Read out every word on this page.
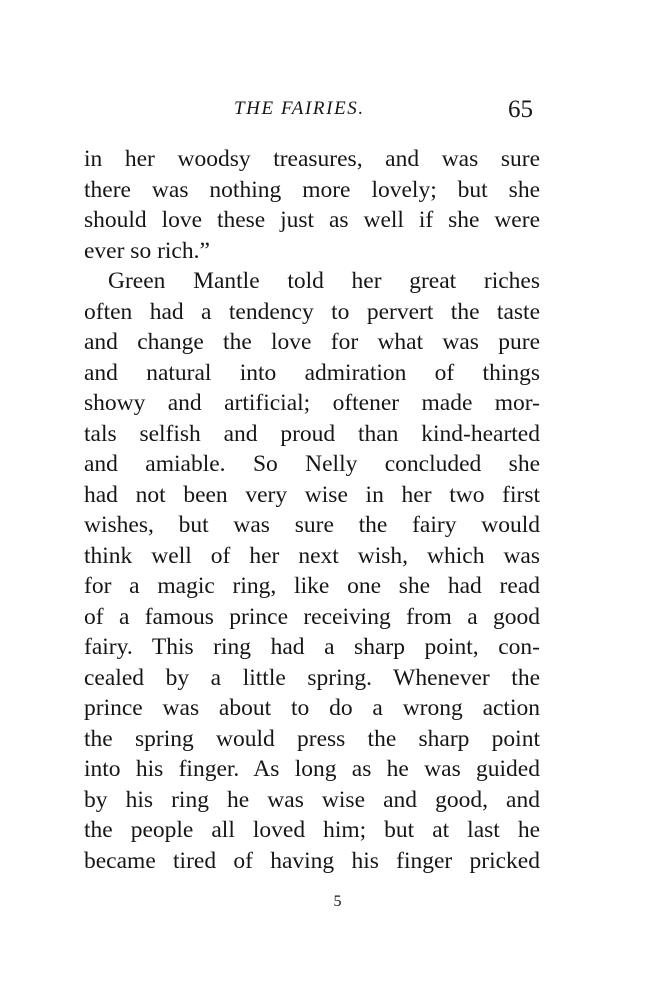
THE FAIRIES.	65
in her woodsy treasures, and was sure
there was nothing more lovely; but she
should love these just as well if she were
ever so rich.”
Green Mantle told her great riches
often had a tendency to pervert the taste
and change the love for what was pure
and natural into admiration of things
showy and artificial; oftener made mor-
tals selfish and proud than kind-hearted
and amiable. So Nelly concluded she
had not been very wise in her two first
wishes, but was sure the fairy would
think well of her next wish, which was
for a magic ring, like one she had read
of a famous prince receiving from a good
fairy. This ring had a sharp point, con-
cealed by a little spring. Whenever the
prince was about to do a wrong action
the spring would press the sharp point
into his finger. As long as he was guided
by his ring he was wise and good, and
the people all loved him; but at last he
became tired of having his finger pricked
5
